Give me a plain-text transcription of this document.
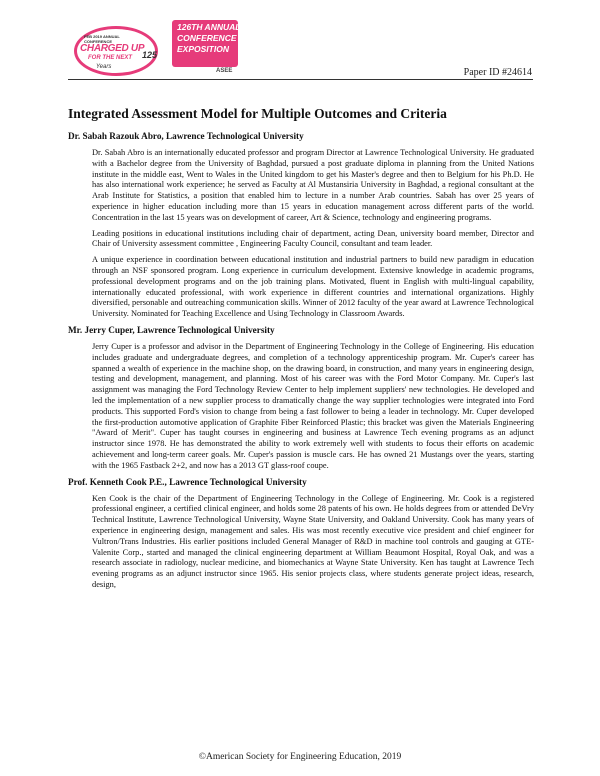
FEB 2019 ANNUAL CONFERENCE
CHARGED UP
FOR THE NEXT
Years
125
126TH ANNUAL
CONFERENCE &
EXPOSITION
ASEE	Paper ID #24614
Integrated Assessment Model for Multiple Outcomes and Criteria
Dr. Sabah Razouk Abro, Lawrence Technological University

Dr. Sabah Abro is an internationally educated professor and program Director at Lawrence Technological University. He graduated with a Bachelor degree from the University of Baghdad, pursued a post graduate diploma in planning from the United Nations institute in the middle east, Went to Wales in the United kingdom to get his Master's degree and then to Belgium for his Ph.D. He has also international work experience; he served as Faculty at Al Mustansiria University in Baghdad, a regional consultant at the Arab Institute for Statistics, a position that enabled him to lecture in a number Arab countries. Sabah has over 25 years of experience in higher education including more than 15 years in education management across different parts of the world. Concentration in the last 15 years was on development of career, Art & Science, technology and engineering programs.

Leading positions in educational institutions including chair of department, acting Dean, university board member, Director and Chair of University assessment committee , Engineering Faculty Council, consultant and team leader.

A unique experience in coordination between educational institution and industrial partners to build new paradigm in education through an NSF sponsored program. Long experience in curriculum development. Extensive knowledge in academic programs, professional development programs and on the job training plans. Motivated, fluent in English with multi-lingual capability, internationally educated professional, with work experience in different countries and international organizations. Highly diversified, personable and outreaching communication skills. Winner of 2012 faculty of the year award at Lawrence Technological University. Nominated for Teaching Excellence and Using Technology in Classroom Awards.

Mr. Jerry Cuper, Lawrence Technological University

Jerry Cuper is a professor and advisor in the Department of Engineering Technology in the College of Engineering. His education includes graduate and undergraduate degrees, and completion of a technology apprenticeship program. Mr. Cuper's career has spanned a wealth of experience in the machine shop, on the drawing board, in construction, and many years in engineering design, testing and development, management, and planning. Most of his career was with the Ford Motor Company. Mr. Cuper's last assignment was managing the Ford Technology Review Center to help implement suppliers' new technologies. He developed and led the implementation of a new supplier process to dramatically change the way supplier technologies were integrated into Ford products. This supported Ford's vision to change from being a fast follower to being a leader in technology. Mr. Cuper developed the first-production automotive application of Graphite Fiber Reinforced Plastic; this bracket was given the Materials Engineering "Award of Merit". Cuper has taught courses in engineering and business at Lawrence Tech evening programs as an adjunct instructor since 1978. He has demonstrated the ability to work extremely well with students to focus their efforts on academic achievement and long-term career goals. Mr. Cuper's passion is muscle cars. He has owned 21 Mustangs over the years, starting with the 1965 Fastback 2+2, and now has a 2013 GT glass-roof coupe.

Prof. Kenneth Cook P.E., Lawrence Technological University

Ken Cook is the chair of the Department of Engineering Technology in the College of Engineering. Mr. Cook is a registered professional engineer, a certified clinical engineer, and holds some 28 patents of his own. He holds degrees from or attended DeVry Technical Institute, Lawrence Technological University, Wayne State University, and Oakland University. Cook has many years of experience in engineering design, management and sales. His was most recently executive vice president and chief engineer for Vultron/Trans Industries. His earlier positions included General Manager of R&D in machine tool controls and gauging at GTE-Valenite Corp., started and managed the clinical engineering department at William Beaumont Hospital, Royal Oak, and was a research associate in radiology, nuclear medicine, and biomechanics at Wayne State University. Ken has taught at Lawrence Tech evening programs as an adjunct instructor since 1965. His senior projects class, where students generate project ideas, research, design,

©American Society for Engineering Education, 2019
